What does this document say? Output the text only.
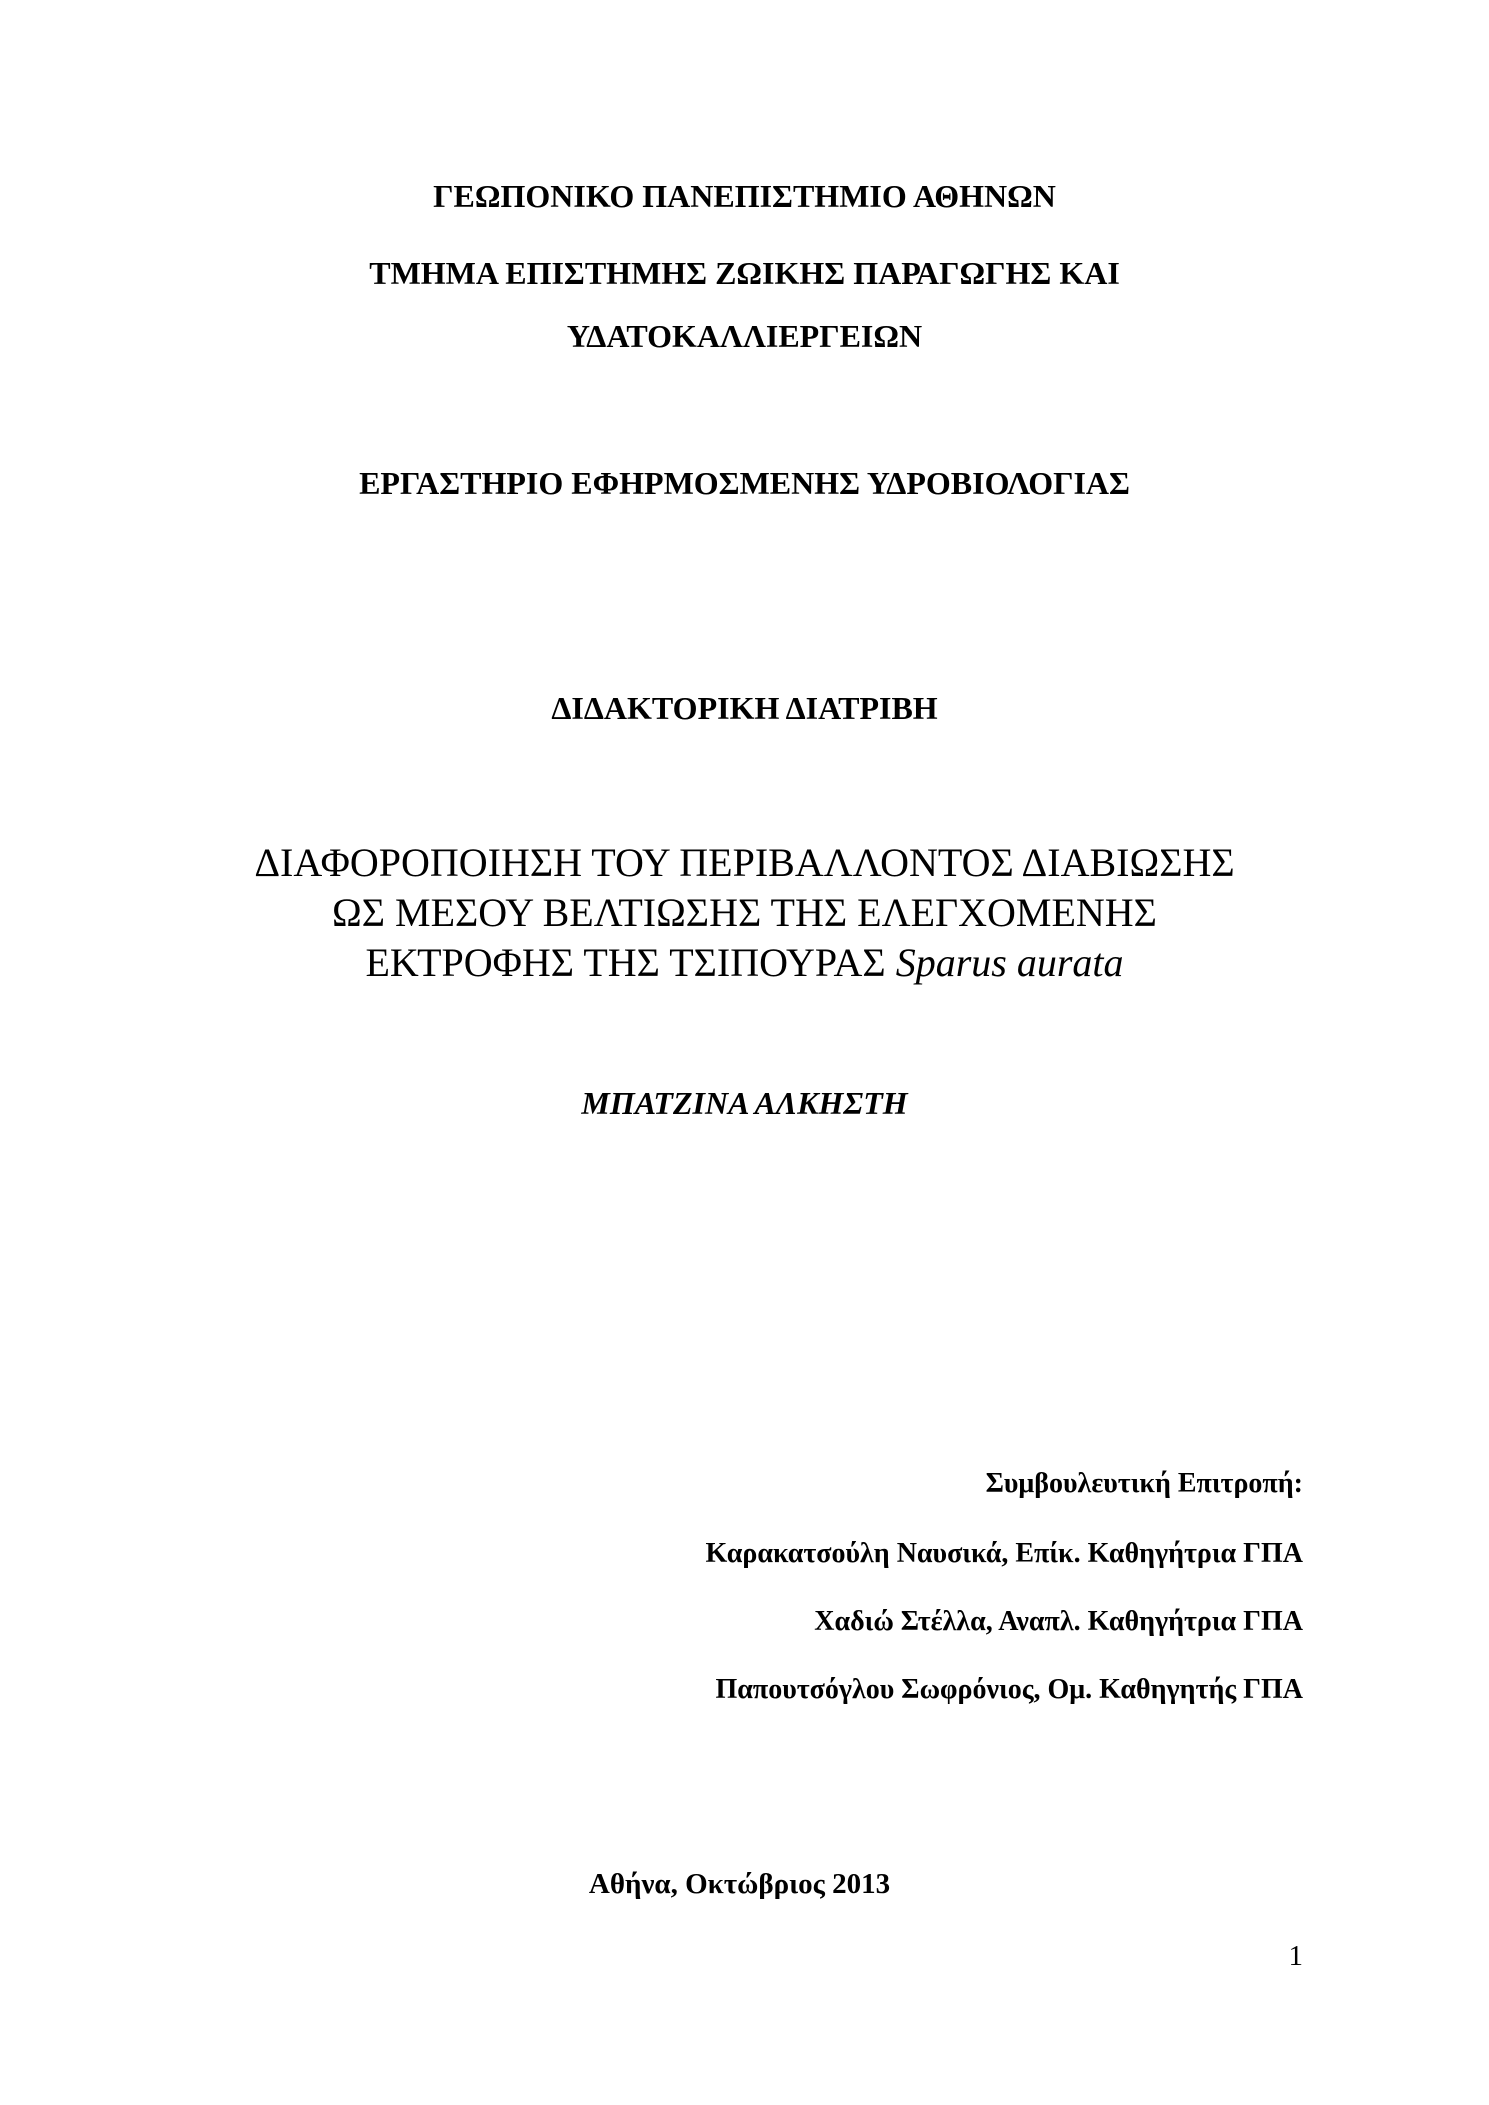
ΓΕΩΠΟΝΙΚΟ ΠΑΝΕΠΙΣΤΗΜΙΟ ΑΘΗΝΩΝ
ΤΜΗΜΑ ΕΠΙΣΤΗΜΗΣ ΖΩΙΚΗΣ ΠΑΡΑΓΩΓΗΣ ΚΑΙ
ΥΔΑΤΟΚΑΛΛΙΕΡΓΕΙΩΝ
ΕΡΓΑΣΤΗΡΙΟ ΕΦΗΡΜΟΣΜΕΝΗΣ ΥΔΡΟΒΙΟΛΟΓΙΑΣ
ΔΙΔΑΚΤΟΡΙΚΗ ΔΙΑΤΡΙΒΗ
ΔΙΑΦΟΡΟΠΟΙΗΣΗ ΤΟΥ ΠΕΡΙΒΑΛΛΟΝΤΟΣ ΔΙΑΒΙΩΣΗΣ
ΩΣ ΜΕΣΟΥ ΒΕΛΤΙΩΣΗΣ ΤΗΣ ΕΛΕΓΧΟΜΕΝΗΣ
ΕΚΤΡΟΦΗΣ ΤΗΣ ΤΣΙΠΟΥΡΑΣ Sparus aurata
ΜΠΑΤΖΙΝΑ ΑΛΚΗΣΤΗ
Συμβουλευτική Επιτροπή:
Καρακατσούλη Ναυσικά, Επίκ. Καθηγήτρια ΓΠΑ
Χαδιώ Στέλλα, Αναπλ. Καθηγήτρια ΓΠΑ
Παπουτσόγλου Σωφρόνιος, Ομ. Καθηγητής ΓΠΑ
Αθήνα, Οκτώβριος 2013
1
